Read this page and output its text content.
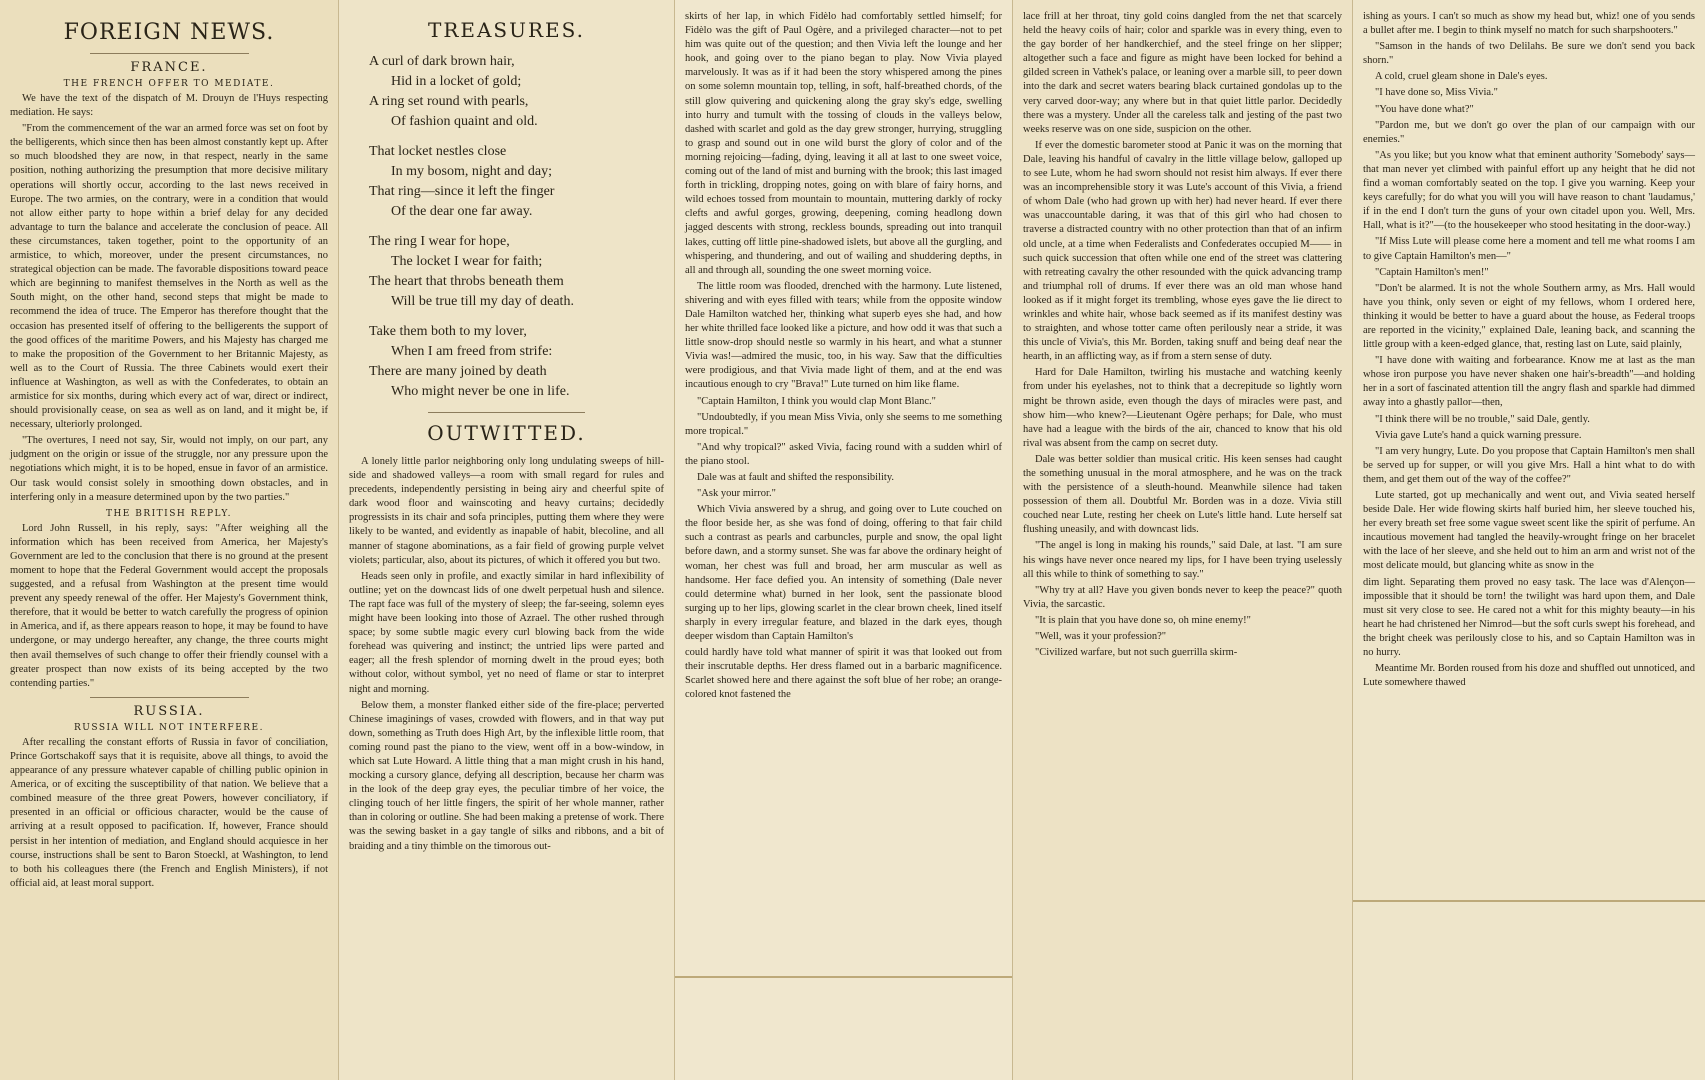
FOREIGN NEWS.
FRANCE.
THE FRENCH OFFER TO MEDIATE.

We have the text of the dispatch of M. Drouyn de l'Huys respecting mediation. He says:

"From the commencement of the war an armed force was set on foot by the belligerents, which since then has been almost constantly kept up. After so much bloodshed they are now, in that respect, nearly in the same position, nothing authorizing the presumption that more decisive military operations will shortly occur, according to the last news received in Europe. The two armies, on the contrary, were in a condition that would not allow either party to hope within a brief delay for any decided advantage to turn the balance and accelerate the conclusion of peace. All these circumstances, taken together, point to the opportunity of an armistice, to which, moreover, under the present circumstances, no strategical objection can be made. The favorable dispositions toward peace which are beginning to manifest themselves in the North as well as the South might, on the other hand, second steps that might be made to recommend the idea of truce. The Emperor has therefore thought that the occasion has presented itself of offering to the belligerents the support of the good offices of the maritime Powers, and his Majesty has charged me to make the proposition of the Government to her Britannic Majesty, as well as to the Court of Russia. The three Cabinets would exert their influence at Washington, as well as with the Confederates, to obtain an armistice for six months, during which every act of war, direct or indirect, should provisionally cease, on sea as well as on land, and it might be, if necessary, ulteriorly prolonged.

"The overtures, I need not say, Sir, would not imply, on our part, any judgment on the origin or issue of the struggle, nor any pressure upon the negotiations which might, it is to be hoped, ensue in favor of an armistice. Our task would consist solely in smoothing down obstacles, and in interfering only in a measure determined upon by the two parties."

THE BRITISH REPLY.

Lord John Russell, in his reply, says: "After weighing all the information which has been received from America, her Majesty's Government are led to the conclusion that there is no ground at the present moment to hope that the Federal Government would accept the proposals suggested, and a refusal from Washington at the present time would prevent any speedy renewal of the offer. Her Majesty's Government think, therefore, that it would be better to watch carefully the progress of opinion in America, and if, as there appears reason to hope, it may be found to have undergone, or may undergo hereafter, any change, the three courts might then avail themselves of such change to offer their friendly counsel with a greater prospect than now exists of its being accepted by the two contending parties."

RUSSIA.
RUSSIA WILL NOT INTERFERE.

After recalling the constant efforts of Russia in favor of conciliation, Prince Gortschakoff says that it is requisite, above all things, to avoid the appearance of any pressure whatever capable of chilling public opinion in America, or of exciting the susceptibility of that nation. We believe that a combined measure of the three great Powers, however conciliatory, if presented in an official or officious character, would be the cause of arriving at a result opposed to pacification. If, however, France should persist in her intention of mediation, and England should acquiesce in her course, instructions shall be sent to Baron Stoeckl, at Washington, to lend to both his colleagues there (the French and English Ministers), if not official aid, at least moral support.

TREASURES.
A curl of dark brown hair,
Hid in a locket of gold;
A ring set round with pearls,
Of fashion quaint and old.
That locket nestles close
In my bosom, night and day;
That ring—since it left the finger
Of the dear one far away.
The ring I wear for hope,
The locket I wear for faith;
The heart that throbs beneath them
Will be true till my day of death.
Take them both to my lover,
When I am freed from strife:
There are many joined by death
Who might never be one in life.
OUTWITTED.

A lonely little parlor neighboring only long undulating sweeps of hill-side and shadowed valleys—a room with small regard for rules and precedents, independently persisting in being airy and cheerful spite of dark wood floor and wainscoting and heavy curtains; decidedly progressists in its chair and sofa principles, putting them where they were likely to be wanted, and evidently as inapable of habit, blecoline, and all manner of stagone abominations, as a fair field of growing purple velvet violets; particular, also, about its pictures, of which it offered you but two.

Heads seen only in profile, and exactly similar in hard inflexibility of outline; yet on the downcast lids of one dwelt perpetual hush and silence. The rapt face was full of the mystery of sleep; the far-seeing, solemn eyes might have been looking into those of Azrael. The other rushed through space; by some subtle magic every curl blowing back from the wide forehead was quivering and instinct; the untried lips were parted and eager; all the fresh splendor of morning dwelt in the proud eyes; both without color, without symbol, yet no need of flame or star to interpret night and morning.

Below them, a monster flanked either side of the fire-place; perverted Chinese imaginings of vases, crowded with flowers, and in that way put down, something as Truth does High Art, by the inflexible little room, that coming round past the piano to the view, went off in a bow-window, in which sat Lute Howard. A little thing that a man might crush in his hand, mocking a cursory glance, defying all description, because her charm was in the look of the deep gray eyes, the peculiar timbre of her voice, the clinging touch of her little fingers, the spirit of her whole manner, rather than in coloring or outline. She had been making a pretense of work. There was the sewing basket in a gay tangle of silks and ribbons, and a bit of braiding and a tiny thimble on the timorous out-

skirts of her lap, in which Fidèlo had comfortably settled himself; for Fidèlo was the gift of Paul Ogère, and a privileged character—not to pet him was quite out of the question; and then Vivia left the lounge and her hook, and going over to the piano began to play. Now Vivia played marvelously. It was as if it had been the story whispered among the pines on some solemn mountain top, telling, in soft, half-breathed chords, of the still glow quivering and quickening along the gray sky's edge, swelling into hurry and tumult with the tossing of clouds in the valleys below, dashed with scarlet and gold as the day grew stronger, hurrying, struggling to grasp and sound out in one wild burst the glory of color and of the morning rejoicing—fading, dying, leaving it all at last to one sweet voice, coming out of the land of mist and burning with the brook; this last imaged forth in trickling, dropping notes, going on with blare of fairy horns, and wild echoes tossed from mountain to mountain, muttering darkly of rocky clefts and awful gorges, growing, deepening, coming headlong down jagged descents with strong, reckless bounds, spreading out into tranquil lakes, cutting off little pine-shadowed islets, but above all the gurgling, and whispering, and thundering, and out of wailing and shuddering depths, in all and through all, sounding the one sweet morning voice.

The little room was flooded, drenched with the harmony. Lute listened, shivering and with eyes filled with tears; while from the opposite window Dale Hamilton watched her, thinking what superb eyes she had, and how her white thrilled face looked like a picture, and how odd it was that such a little snow-drop should nestle so warmly in his heart, and what a stunner Vivia was!—admired the music, too, in his way. Saw that the difficulties were prodigious, and that Vivia made light of them, and at the end was incautious enough to cry "Brava!" Lute turned on him like flame.

"Captain Hamilton, I think you would clap Mont Blanc."

"Undoubtedly, if you mean Miss Vivia, only she seems to me something more tropical."

"And why tropical?" asked Vivia, facing round with a sudden whirl of the piano stool.

Dale was at fault and shifted the responsibility.

"Ask your mirror."

Which Vivia answered by a shrug, and going over to Lute couched on the floor beside her, as she was fond of doing, offering to that fair child such a contrast as pearls and carbuncles, purple and snow, the opal light before dawn, and a stormy sunset. She was far above the ordinary height of woman, her chest was full and broad, her arm muscular as well as handsome. Her face defied you. An intensity of something (Dale never could determine what) burned in her look, sent the passionate blood surging up to her lips, glowing scarlet in the clear brown cheek, lined itself sharply in every irregular feature, and blazed in the dark eyes, though deeper wisdom than Captain Hamilton's

could hardly have told what manner of spirit it was that looked out from their inscrutable depths. Her dress flamed out in a barbaric magnificence. Scarlet showed here and there against the soft blue of her robe; an orange-colored knot fastened the

lace frill at her throat, tiny gold coins dangled from the net that scarcely held the heavy coils of hair; color and sparkle was in every thing, even to the gay border of her handkerchief, and the steel fringe on her slipper; altogether such a face and figure as might have been locked for behind a gilded screen in Vathek's palace, or leaning over a marble sill, to peer down into the dark and secret waters bearing black curtained gondolas up to the very carved door-way; any where but in that quiet little parlor. Decidedly there was a mystery. Under all the careless talk and jesting of the past two weeks reserve was on one side, suspicion on the other.

If ever the domestic barometer stood at Panic it was on the morning that Dale, leaving his handful of cavalry in the little village below, galloped up to see Lute, whom he had sworn should not resist him always. If ever there was an incomprehensible story it was Lute's account of this Vivia, a friend of whom Dale (who had grown up with her) had never heard. If ever there was unaccountable daring, it was that of this girl who had chosen to traverse a distracted country with no other protection than that of an infirm old uncle, at a time when Federalists and Confederates occupied M—— in such quick succession that often while one end of the street was clattering with retreating cavalry the other resounded with the quick advancing tramp and triumphal roll of drums. If ever there was an old man whose hand looked as if it might forget its trembling, whose eyes gave the lie direct to wrinkles and white hair, whose back seemed as if its manifest destiny was to straighten, and whose totter came often perilously near a stride, it was this uncle of Vivia's, this Mr. Borden, taking snuff and being deaf near the hearth, in an afflicting way, as if from a stern sense of duty.

Hard for Dale Hamilton, twirling his mustache and watching keenly from under his eyelashes, not to think that a decrepitude so lightly worn might be thrown aside, even though the days of miracles were past, and show him—who knew?—Lieutenant Ogère perhaps; for Dale, who must have had a league with the birds of the air, chanced to know that his old rival was absent from the camp on secret duty.

Dale was better soldier than musical critic. His keen senses had caught the something unusual in the moral atmosphere, and he was on the track with the persistence of a sleuth-hound. Meanwhile silence had taken possession of them all. Doubtful Mr. Borden was in a doze. Vivia still couched near Lute, resting her cheek on Lute's little hand. Lute herself sat flushing uneasily, and with downcast lids.

"The angel is long in making his rounds," said Dale, at last. "I am sure his wings have never once neared my lips, for I have been trying uselessly all this while to think of something to say."

"Why try at all? Have you given bonds never to keep the peace?" quoth Vivia, the sarcastic.

"It is plain that you have done so, oh mine enemy!"

"Well, was it your profession?"

"Civilized warfare, but not such guerrilla skirm-

ishing as yours. I can't so much as show my head but, whiz! one of you sends a bullet after me. I begin to think myself no match for such sharpshooters."

"Samson in the hands of two Delilahs. Be sure we don't send you back shorn."

A cold, cruel gleam shone in Dale's eyes.

"I have done so, Miss Vivia."

"You have done what?"

"Pardon me, but we don't go over the plan of our campaign with our enemies."

"As you like; but you know what that eminent authority 'Somebody' says—that man never yet climbed with painful effort up any height that he did not find a woman comfortably seated on the top. I give you warning. Keep your keys carefully; for do what you will you will have reason to chant 'laudamus,' if in the end I don't turn the guns of your own citadel upon you. Well, Mrs. Hall, what is it?"—(to the housekeeper who stood hesitating in the door-way.)

"If Miss Lute will please come here a moment and tell me what rooms I am to give Captain Hamilton's men—"

"Captain Hamilton's men!"

"Don't be alarmed. It is not the whole Southern army, as Mrs. Hall would have you think, only seven or eight of my fellows, whom I ordered here, thinking it would be better to have a guard about the house, as Federal troops are reported in the vicinity," explained Dale, leaning back, and scanning the little group with a keen-edged glance, that, resting last on Lute, said plainly,

"I have done with waiting and forbearance. Know me at last as the man whose iron purpose you have never shaken one hair's-breadth"—and holding her in a sort of fascinated attention till the angry flash and sparkle had dimmed away into a ghastly pallor—then,

"I think there will be no trouble," said Dale, gently.

Vivia gave Lute's hand a quick warning pressure.

"I am very hungry, Lute. Do you propose that Captain Hamilton's men shall be served up for supper, or will you give Mrs. Hall a hint what to do with them, and get them out of the way of the coffee?"

Lute started, got up mechanically and went out, and Vivia seated herself beside Dale. Her wide flowing skirts half buried him, her sleeve touched his, her every breath set free some vague sweet scent like the spirit of perfume. An incautious movement had tangled the heavily-wrought fringe on her bracelet with the lace of her sleeve, and she held out to him an arm and wrist not of the most delicate mould, but glancing white as snow in the

dim light. Separating them proved no easy task. The lace was d'Alençon—impossible that it should be torn! the twilight was hard upon them, and Dale must sit very close to see. He cared not a whit for this mighty beauty—in his heart he had christened her Nimrod—but the soft curls swept his forehead, and the bright cheek was perilously close to his, and so Captain Hamilton was in no hurry.

Meantime Mr. Borden roused from his doze and shuffled out unnoticed, and Lute somewhere thawed
